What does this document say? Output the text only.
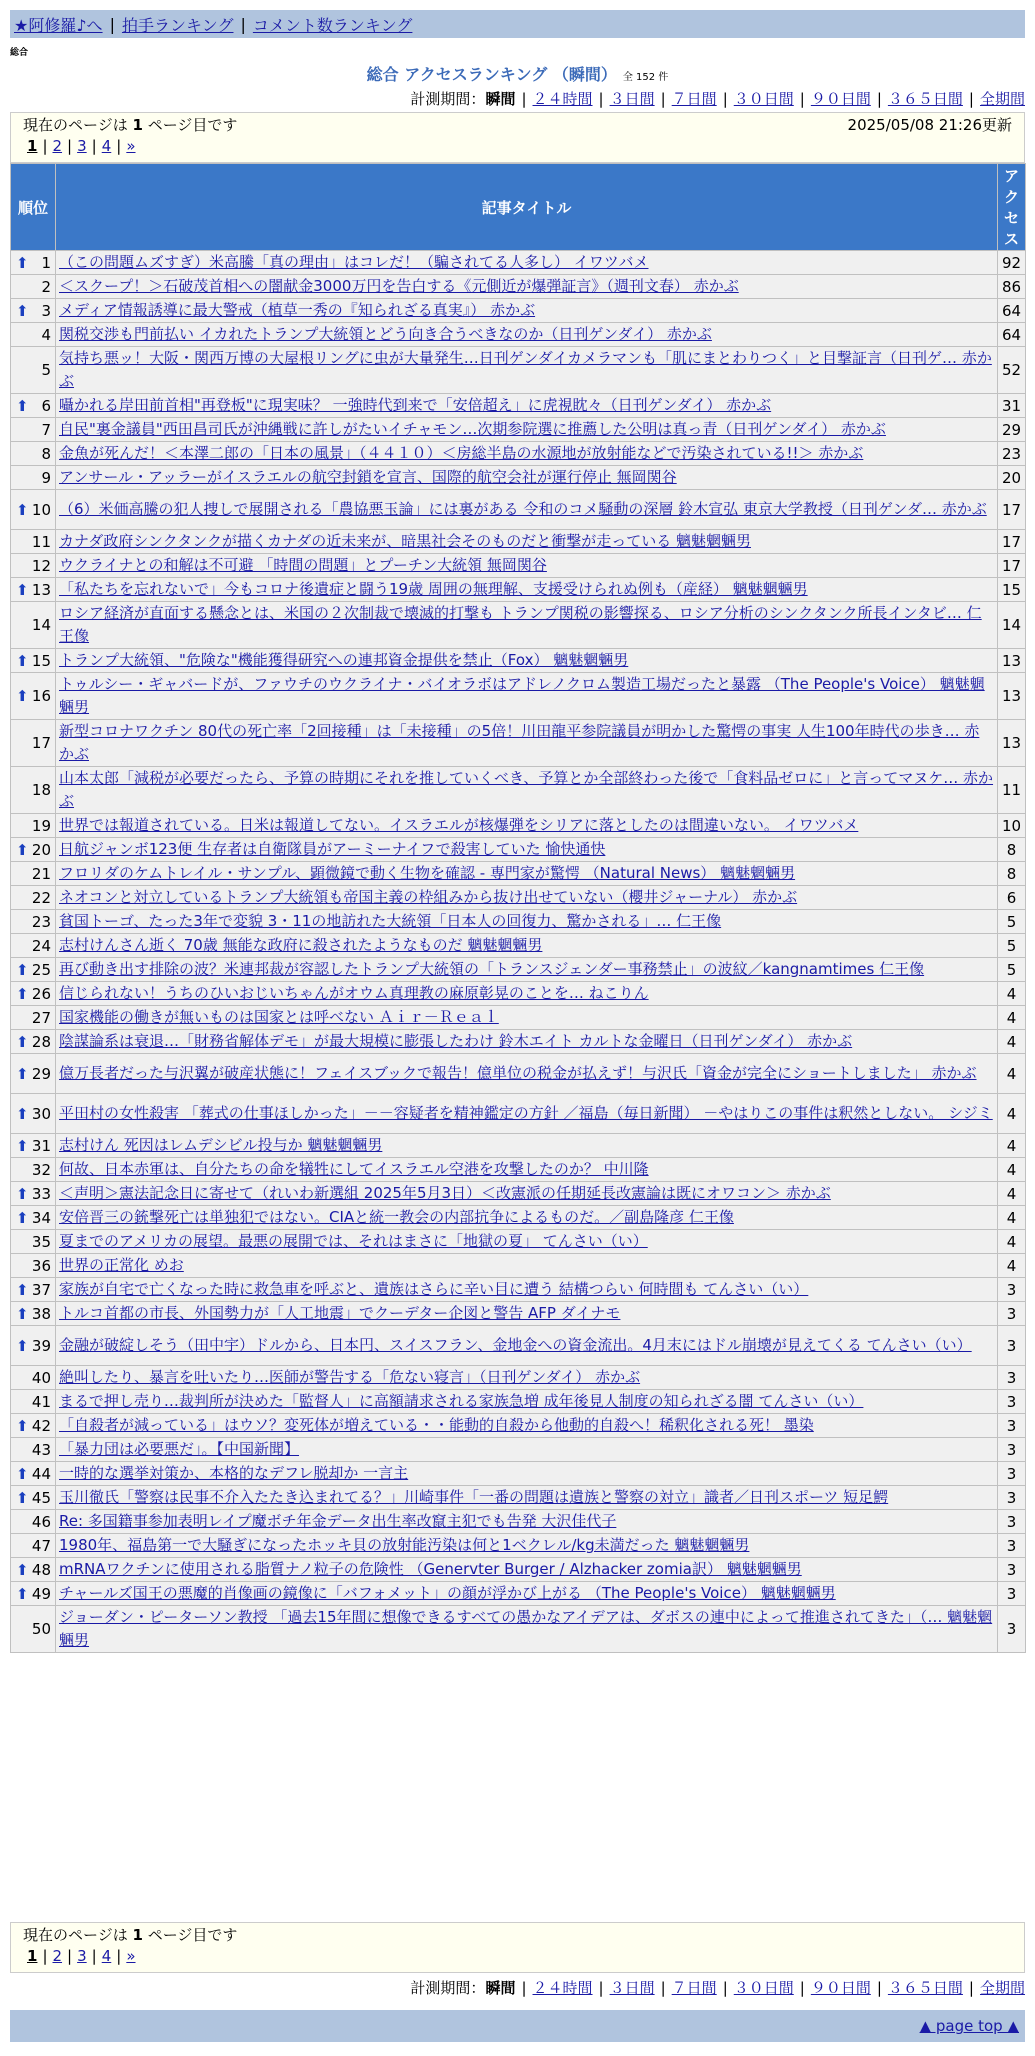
★阿修羅♪へ | 拍手ランキング | コメント数ランキング
総合
総合 アクセスランキング （瞬間） 全 152 件
計測期間：瞬間 | ２４時間 | ３日間 | ７日間 | ３０日間 | ９０日間 | ３６５日間 | 全期間
現在のページは 1 ページ目です	2025/05/08 21:26更新
1 | 2 | 3 | 4 | »
順位	記事タイトル	アクセス

⬆ 1	（この問題ムズすぎ）米高騰「真の理由」はコレだ！（騙されてる人多し） イワツバメ	92
2	＜スクープ！＞石破茂首相への闇献金3000万円を告白する《元側近が爆弾証言》（週刊文春） 赤かぶ	86

⬆ 3	メディア情報誘導に最大警戒（植草一秀の『知られざる真実』） 赤かぶ	64
4	関税交渉も門前払い イカれたトランプ大統領とどう向き合うべきなのか（日刊ゲンダイ） 赤かぶ	64
5	気持ち悪ッ！大阪・関西万博の大屋根リングに虫が大量発生…日刊ゲンダイカメラマンも「肌にまとわりつく」と目撃証言（日刊ゲ… 赤かぶ	52

⬆ 6	囁かれる岸田前首相"再登板"に現実味？ 一強時代到来で「安倍超え」に虎視眈々（日刊ゲンダイ） 赤かぶ	31
7	自民"裏金議員"西田昌司氏が沖縄戦に許しがたいイチャモン…次期参院選に推薦した公明は真っ青（日刊ゲンダイ） 赤かぶ	29
8	金魚が死んだ！＜本澤二郎の「日本の風景」（４４１０）＜房総半島の水源地が放射能などで汚染されている!!＞ 赤かぶ	23
9	アンサール・アッラーがイスラエルの航空封鎖を宣言、国際的航空会社が運行停止 無岡関谷	20

⬆ 10	（6）米価高騰の犯人捜しで展開される「農協悪玉論」には裏がある 令和のコメ騒動の深層 鈴木宣弘 東京大学教授（日刊ゲンダ… 赤かぶ	17
11	カナダ政府シンクタンクが描くカナダの近未来が、暗黒社会そのものだと衝撃が走っている 魑魅魍魎男	17
12	ウクライナとの和解は不可避 「時間の問題」とプーチン大統領 無岡関谷	17

⬆ 13	「私たちを忘れないで」今もコロナ後遺症と闘う19歳 周囲の無理解、支援受けられぬ例も（産経） 魑魅魍魎男	15
14	ロシア経済が直面する懸念とは、米国の２次制裁で壊滅的打撃も トランプ関税の影響探る、ロシア分析のシンクタンク所長インタビ… 仁王像	14

⬆ 15	トランプ大統領、"危険な"機能獲得研究への連邦資金提供を禁止（Fox） 魑魅魍魎男	13

⬆ 16	トゥルシー・ギャバードが、ファウチのウクライナ・バイオラボはアドレノクロム製造工場だったと暴露 （The People's Voice） 魑魅魍魎男	13
17	新型コロナワクチン 80代の死亡率「2回接種」は「未接種」の5倍！川田龍平参院議員が明かした驚愕の事実 人生100年時代の歩き… 赤かぶ	13
18	山本太郎「減税が必要だったら、予算の時期にそれを推していくべき、予算とか全部終わった後で「食料品ゼロに」と言ってマヌケ… 赤かぶ	11
19	世界では報道されている。日米は報道してない。イスラエルが核爆弾をシリアに落としたのは間違いない。 イワツバメ	10

⬆ 20	日航ジャンボ123便 生存者は自衛隊員がアーミーナイフで殺害していた 愉快通快	8
21	フロリダのケムトレイル・サンプル、顕微鏡で動く生物を確認 - 専門家が驚愕 （Natural News） 魑魅魍魎男	8
22	ネオコンと対立しているトランプ大統領も帝国主義の枠組みから抜け出せていない（櫻井ジャーナル） 赤かぶ	6
23	貧国トーゴ、たった3年で変貌 3・11の地訪れた大統領「日本人の回復力、驚かされる」… 仁王像	5
24	志村けんさん逝く 70歳 無能な政府に殺されたようなものだ 魑魅魍魎男	5

⬆ 25	再び動き出す排除の波？米連邦裁が容認したトランプ大統領の「トランスジェンダー事務禁止」の波紋／kangnamtimes 仁王像	5

⬆ 26	信じられない！うちのひいおじいちゃんがオウム真理教の麻原彰晃のことを… ねこりん	4
27	国家機能の働きが無いものは国家とは呼べない Ａｉｒ－Ｒｅａｌ	4

⬆ 28	陰謀論系は衰退…「財務省解体デモ」が最大規模に膨張したわけ 鈴木エイト カルトな金曜日（日刊ゲンダイ） 赤かぶ	4

⬆ 29	億万長者だった与沢翼が破産状態に！フェイスブックで報告！億単位の税金が払えず！与沢氏「資金が完全にショートしました」 赤かぶ	4

⬆ 30	平田村の女性殺害 「葬式の仕事ほしかった」－－容疑者を精神鑑定の方針 ／福島（毎日新聞） －やはりこの事件は釈然としない。 シジミ	4

⬆ 31	志村けん 死因はレムデシビル投与か 魑魅魍魎男	4
32	何故、日本赤軍は、自分たちの命を犠牲にしてイスラエル空港を攻撃したのか？ 中川隆	4

⬆ 33	＜声明＞憲法記念日に寄せて（れいわ新選組 2025年5月3日）＜改憲派の任期延長改憲論は既にオワコン＞ 赤かぶ	4

⬆ 34	安倍晋三の銃撃死亡は単独犯ではない。CIAと統一教会の内部抗争によるものだ。／副島隆彦 仁王像	4
35	夏までのアメリカの展望。最悪の展開では、それはまさに「地獄の夏」 てんさい（い）	4
36	世界の正常化 めお	4

⬆ 37	家族が自宅で亡くなった時に救急車を呼ぶと、遺族はさらに辛い目に遭う 結構つらい 何時間も てんさい（い）	3

⬆ 38	トルコ首都の市長、外国勢力が「人工地震」でクーデター企図と警告 AFP ダイナモ	3

⬆ 39	金融が破綻しそう（田中宇）ドルから、日本円、スイスフラン、金地金への資金流出。4月末にはドル崩壊が見えてくる てんさい（い）	3
40	絶叫したり、暴言を吐いたり…医師が警告する「危ない寝言」（日刊ゲンダイ） 赤かぶ	3
41	まるで押し売り…裁判所が決めた「監督人」に高額請求される家族急増 成年後見人制度の知られざる闇 てんさい（い）	3

⬆ 42	「自殺者が減っている」はウソ？変死体が増えている・・能動的自殺から他動的自殺へ！稀釈化される死！ 墨染	3
43	「暴力団は必要悪だ」。【中国新聞】	3

⬆ 44	一時的な選挙対策か、本格的なデフレ脱却か 一言主	3

⬆ 45	玉川徹氏「警察は民事不介入たたき込まれてる？」川崎事件「一番の問題は遺族と警察の対立」識者／日刊スポーツ 短足鰐	3
46	Re: 多国籍事参加表明レイプ魔ボチ年金データ出生率改竄主犯でも告発 大沢佳代子	3
47	1980年、福島第一で大騒ぎになったホッキ貝の放射能汚染は何と1ベクレル/kg未満だった 魑魅魍魎男	3

⬆ 48	mRNAワクチンに使用される脂質ナノ粒子の危険性 （Genervter Burger / Alzhacker zomia訳） 魑魅魍魎男	3

⬆ 49	チャールズ国王の悪魔的肖像画の鏡像に「バフォメット」の顔が浮かび上がる （The People's Voice） 魑魅魍魎男	3
50	ジョーダン・ピーターソン教授 「過去15年間に想像できるすべての愚かなアイデアは、ダボスの連中によって推進されてきた」（… 魑魅魍魎男	3
現在のページは 1 ページ目です
1 | 2 | 3 | 4 | »
計測期間：瞬間 | ２４時間 | ３日間 | ７日間 | ３０日間 | ９０日間 | ３６５日間 | 全期間
▲ page top ▲
